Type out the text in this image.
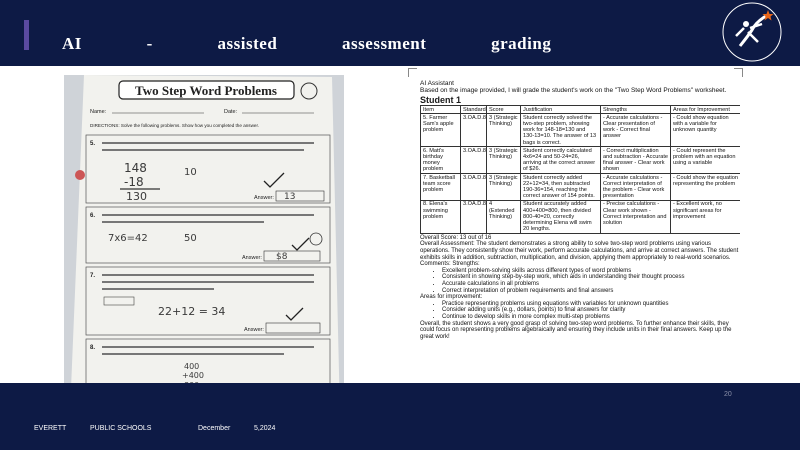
AI - assisted	assessment	grading
Two Step Word Problems
Name:	Date:
DIRECTIONS: Solve the following problems. Show how you completed the answer.
5.
148
-18
130
10
Answer: 13
6.
7x6=42	50
Answer: $8
7.
22+12 = 34
Answer:
8.
400
+400
AI Assistant
Based on the image provided, I will grade the student's work on the "Two Step Word Problems" worksheet.
Student 1
Item	Standard	Score	Justification	Strengths	Areas for Improvement
5. Farmer Sam's apple problem	3.OA.D.8	3 (Strategic Thinking)	Student correctly solved the two-step problem, showing work for 148-18=130 and 130-13=10. The answer of 13 bags is correct.	- Accurate calculations - Clear presentation of work - Correct final answer	- Could show equation with a variable for unknown quantity
6. Matt's birthday money problem	3.OA.D.8	3 (Strategic Thinking)	Student correctly calculated 4x6=24 and 50-24=26, arriving at the correct answer of $26.	- Correct multiplication and subtraction - Accurate final answer - Clear work shown	- Could represent the problem with an equation using a variable
7. Basketball team score problem	3.OA.D.8	3 (Strategic Thinking)	Student correctly added 22+12=34, then subtracted 190-36=154, reaching the correct answer of 154 points.	- Accurate calculations - Correct interpretation of the problem - Clear work presentation	- Could show the equation representing the problem
8. Elena's swimming problem	3.OA.D.8	4 (Extended Thinking)	Student accurately added 400+400=800, then divided 800-40=20, correctly determining Elena will swim 20 lengths.	- Precise calculations - Clear work shown - Correct interpretation and solution	- Excellent work, no significant areas for improvement
Overall Score: 13 out of 16
Overall Assessment: The student demonstrates a strong ability to solve two-step word problems using various operations. They consistently show their work, perform accurate calculations, and arrive at correct answers. The student exhibits skills in addition, subtraction, multiplication, and division, applying them appropriately to real-world scenarios.
Comments: Strengths:
• Excellent problem-solving skills across different types of word problems
• Consistent in showing step-by-step work, which aids in understanding their thought process
• Accurate calculations in all problems
• Correct interpretation of problem requirements and final answers
Areas for improvement:
• Practice representing problems using equations with variables for unknown quantities
• Consider adding units (e.g., dollars, points) to final answers for clarity
• Continue to develop skills in more complex multi-step problems
Overall, the student shows a very good grasp of solving two-step word problems. To further enhance their skills, they could focus on representing problems algebraically and ensuring they include units in their final answers. Keep up the great work!
20
EVERETT	PUBLIC SCHOOLS	December	5,2024
